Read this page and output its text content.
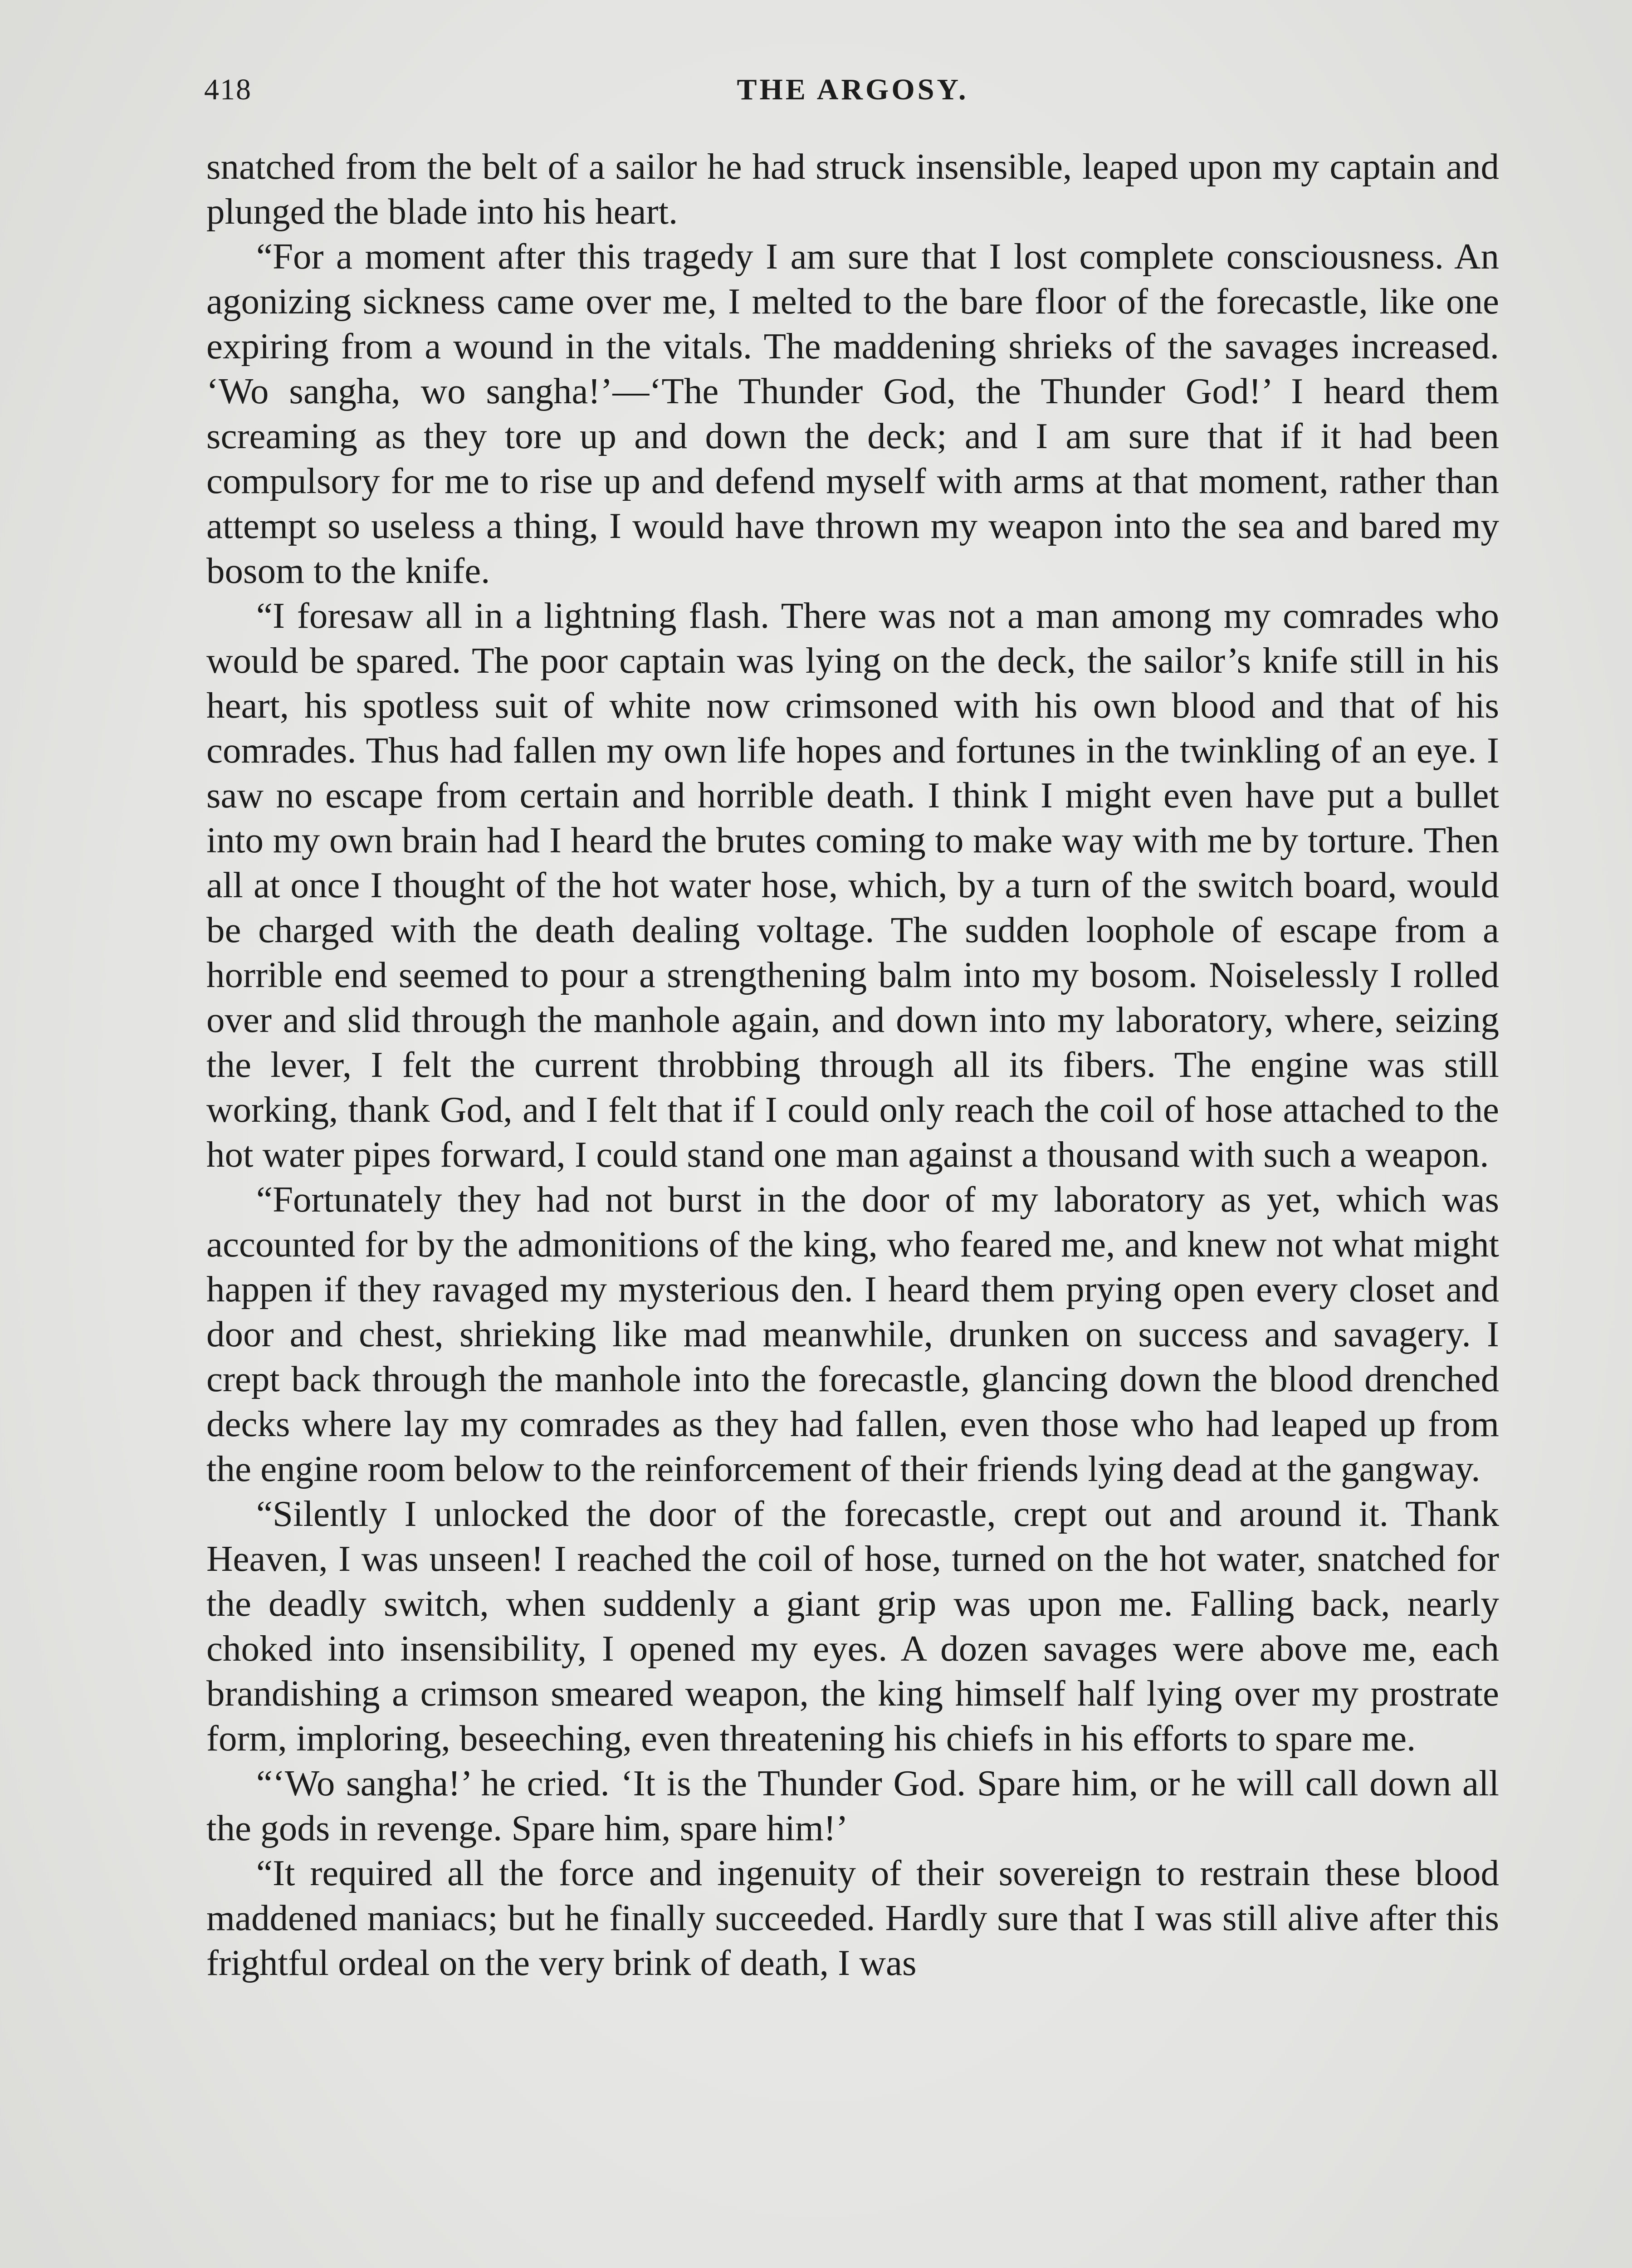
418	THE ARGOSY.

snatched from the belt of a sailor he had struck insensible, leaped upon my captain and plunged the blade into his heart.

“For a moment after this tragedy I am sure that I lost complete consciousness. An agonizing sickness came over me, I melted to the bare floor of the forecastle, like one expiring from a wound in the vitals. The maddening shrieks of the savages increased. ‘Wo sangha, wo sangha!’—‘The Thunder God, the Thunder God!’ I heard them screaming as they tore up and down the deck; and I am sure that if it had been compulsory for me to rise up and defend myself with arms at that moment, rather than attempt so useless a thing, I would have thrown my weapon into the sea and bared my bosom to the knife.

“I foresaw all in a lightning flash. There was not a man among my comrades who would be spared. The poor captain was lying on the deck, the sailor’s knife still in his heart, his spotless suit of white now crimsoned with his own blood and that of his comrades. Thus had fallen my own life hopes and fortunes in the twinkling of an eye. I saw no escape from certain and horrible death. I think I might even have put a bullet into my own brain had I heard the brutes coming to make way with me by torture. Then all at once I thought of the hot water hose, which, by a turn of the switch board, would be charged with the death dealing voltage. The sudden loophole of escape from a horrible end seemed to pour a strengthening balm into my bosom. Noiselessly I rolled over and slid through the manhole again, and down into my laboratory, where, seizing the lever, I felt the current throbbing through all its fibers. The engine was still working, thank God, and I felt that if I could only reach the coil of hose attached to the hot water pipes forward, I could stand one man against a thousand with such a weapon.

“Fortunately they had not burst in the door of my laboratory as yet, which was accounted for by the admonitions of the king, who feared me, and knew not what might happen if they ravaged my mysterious den. I heard them prying open every closet and door and chest, shrieking like mad meanwhile, drunken on success and savagery. I crept back through the manhole into the forecastle, glancing down the blood drenched decks where lay my comrades as they had fallen, even those who had leaped up from the engine room below to the reinforcement of their friends lying dead at the gangway.

“Silently I unlocked the door of the forecastle, crept out and around it. Thank Heaven, I was unseen! I reached the coil of hose, turned on the hot water, snatched for the deadly switch, when suddenly a giant grip was upon me. Falling back, nearly choked into insensibility, I opened my eyes. A dozen savages were above me, each brandishing a crimson smeared weapon, the king himself half lying over my prostrate form, imploring, beseeching, even threatening his chiefs in his efforts to spare me.

“‘Wo sangha!’ he cried. ‘It is the Thunder God. Spare him, or he will call down all the gods in revenge. Spare him, spare him!’

“It required all the force and ingenuity of their sovereign to restrain these blood maddened maniacs; but he finally succeeded. Hardly sure that I was still alive after this frightful ordeal on the very brink of death, I was
